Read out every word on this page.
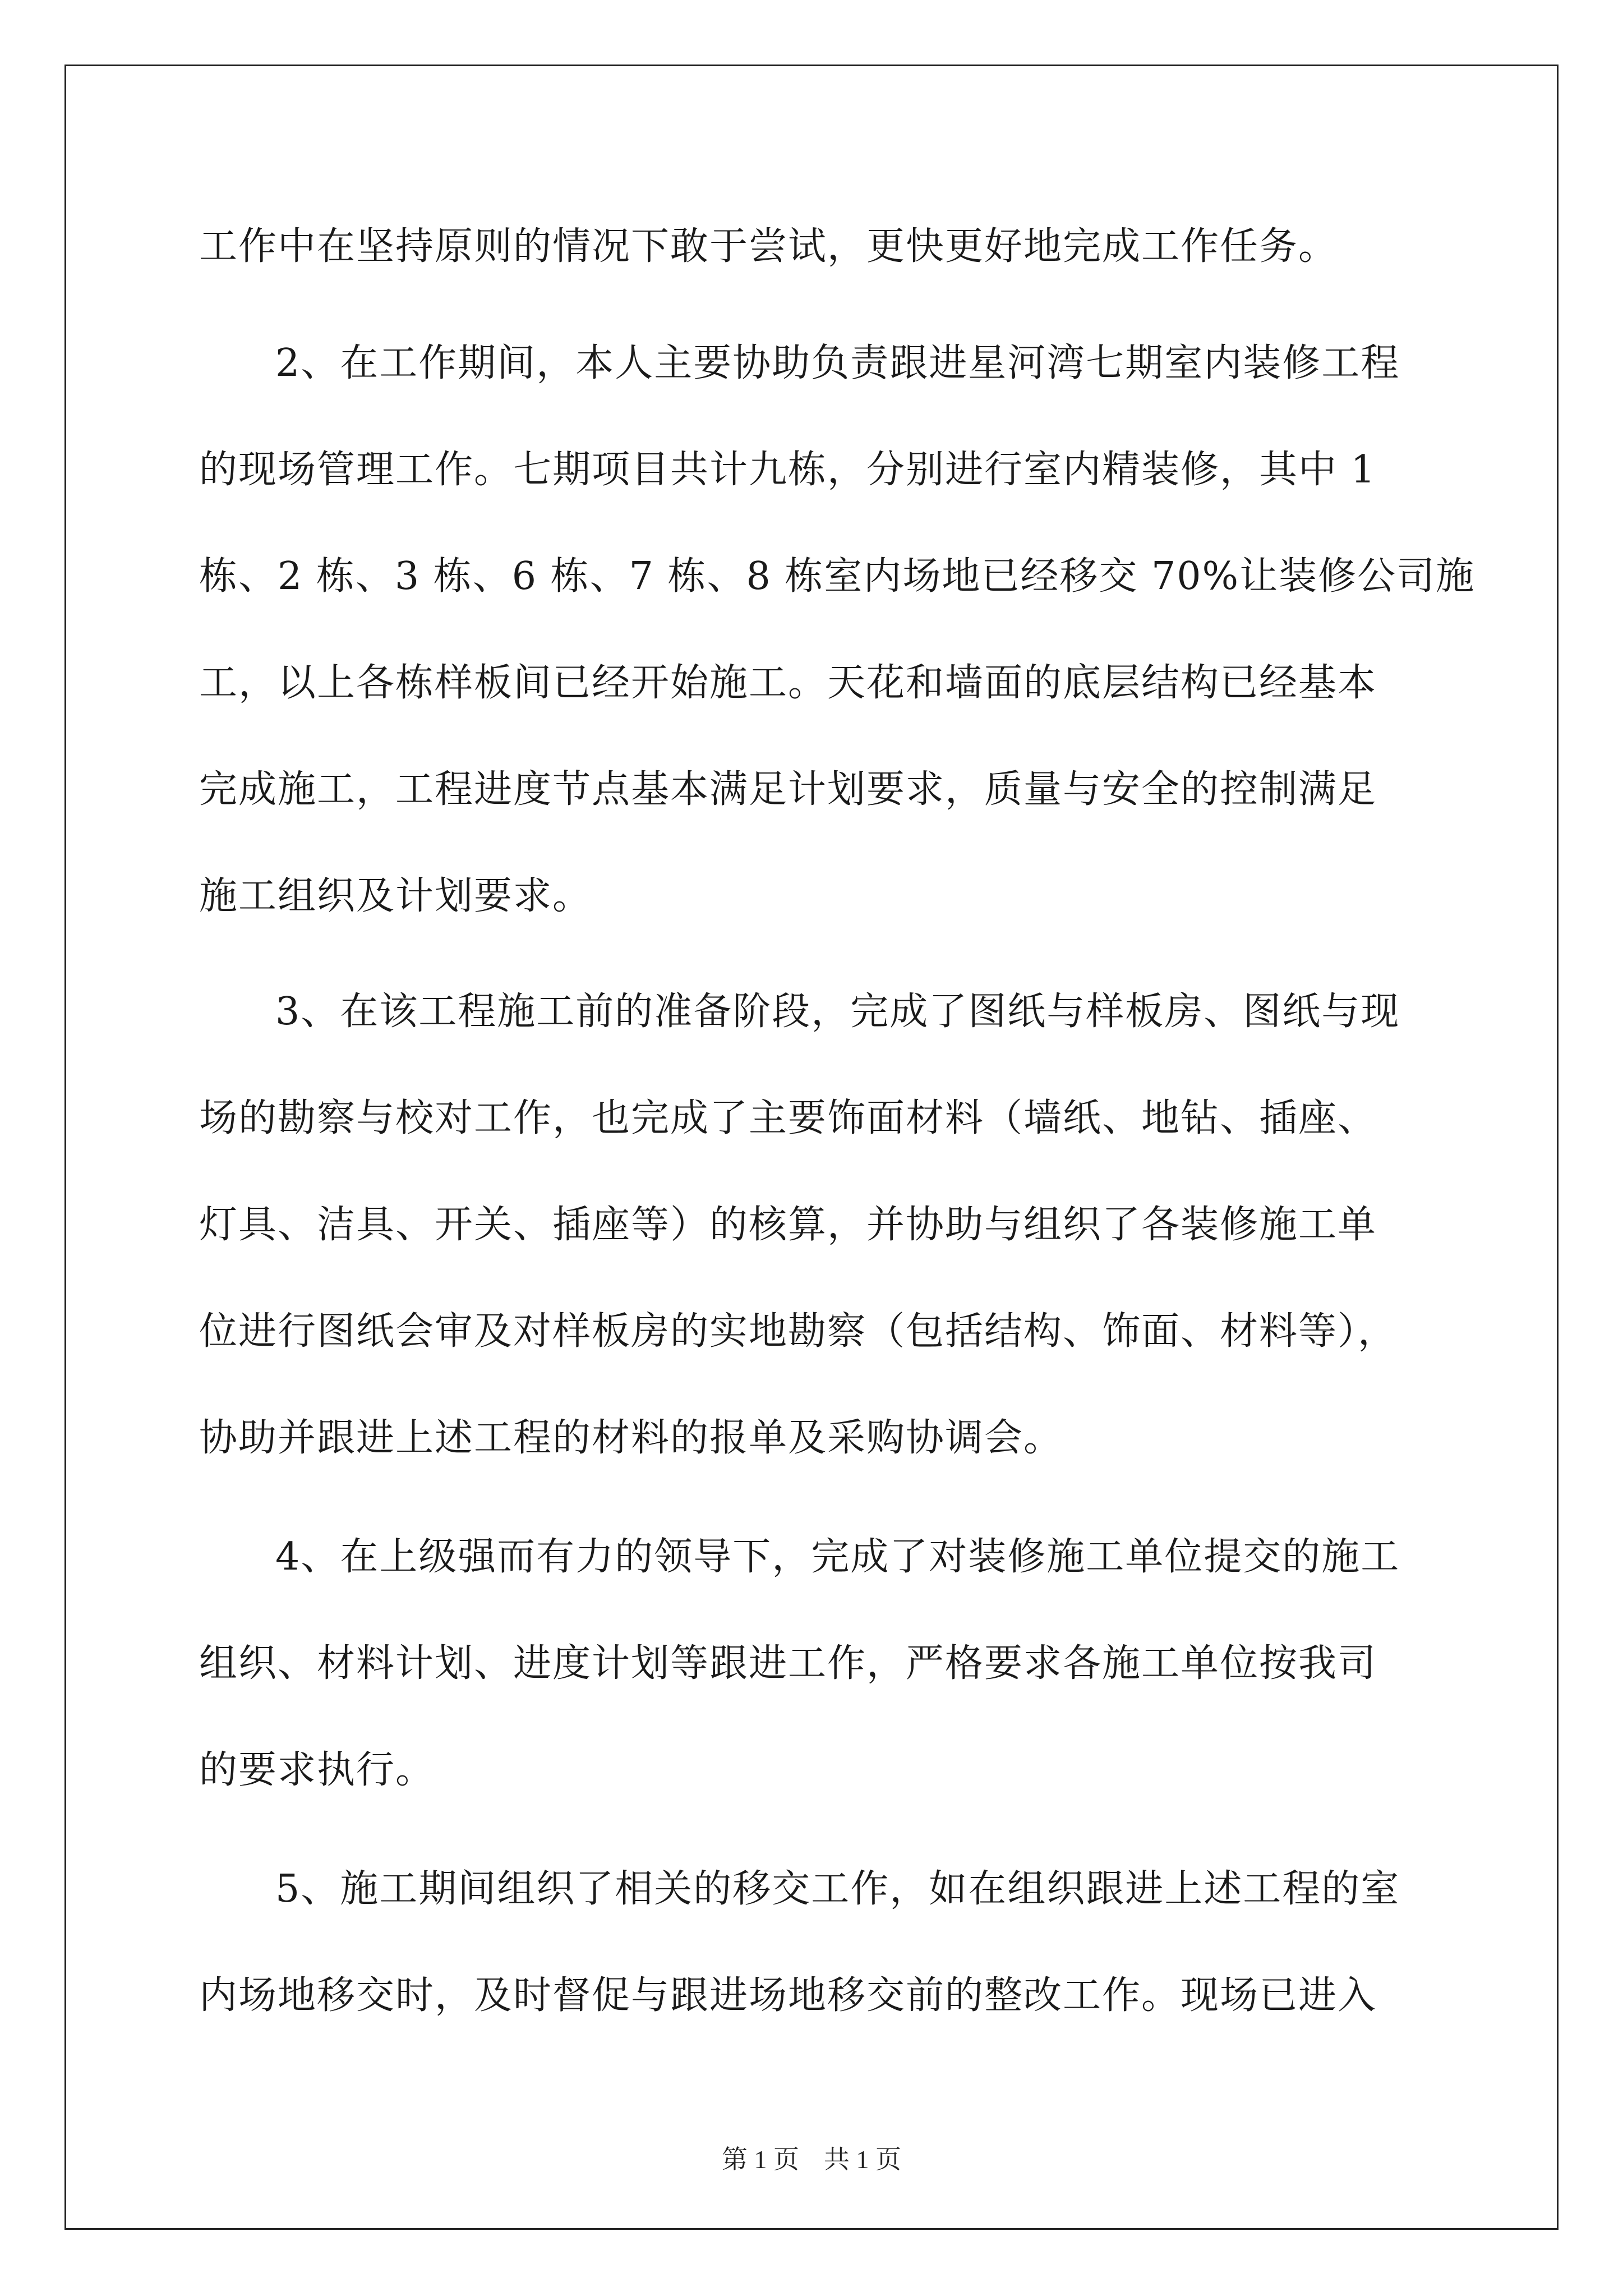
工作中在坚持原则的情况下敢于尝试，更快更好地完成工作任务。
2、在工作期间，本人主要协助负责跟进星河湾七期室内装修工程
的现场管理工作。七期项目共计九栋，分别进行室内精装修，其中 1
栋、2 栋、3 栋、6 栋、7 栋、8 栋室内场地已经移交 70%让装修公司施
工，以上各栋样板间已经开始施工。天花和墙面的底层结构已经基本
完成施工，工程进度节点基本满足计划要求，质量与安全的控制满足
施工组织及计划要求。
3、在该工程施工前的准备阶段，完成了图纸与样板房、图纸与现
场的勘察与校对工作，也完成了主要饰面材料（墙纸、地钻、插座、
灯具、洁具、开关、插座等）的核算，并协助与组织了各装修施工单
位进行图纸会审及对样板房的实地勘察（包括结构、饰面、材料等），
协助并跟进上述工程的材料的报单及采购协调会。
4、在上级强而有力的领导下，完成了对装修施工单位提交的施工
组织、材料计划、进度计划等跟进工作，严格要求各施工单位按我司
的要求执行。
5、施工期间组织了相关的移交工作，如在组织跟进上述工程的室
内场地移交时，及时督促与跟进场地移交前的整改工作。现场已进入
第 1 页 共 1 页
